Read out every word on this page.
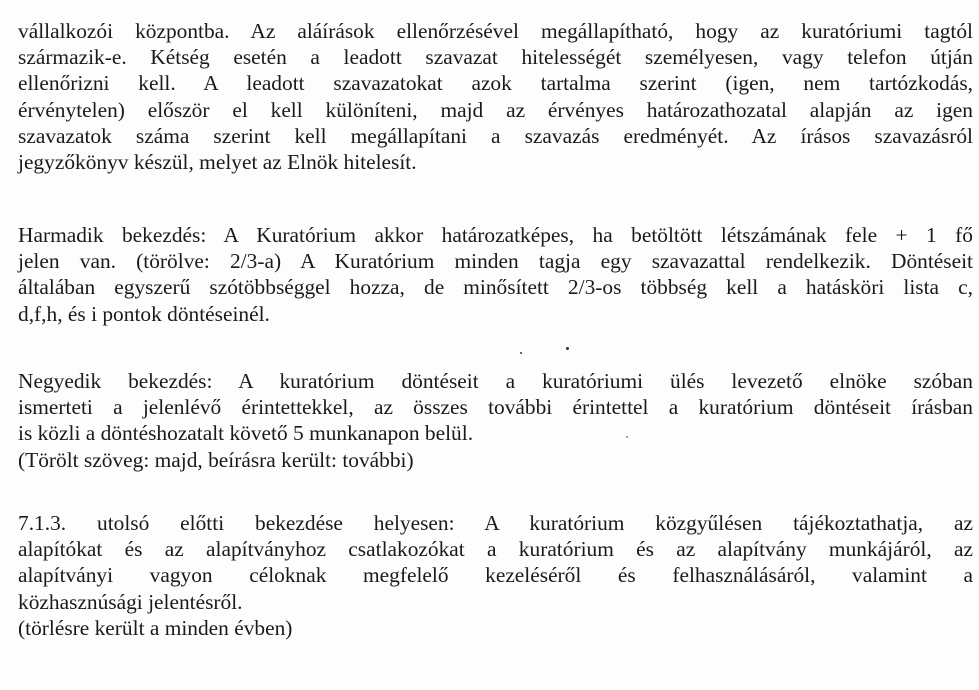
vállalkozói központba. Az aláírások ellenőrzésével megállapítható, hogy az kuratóriumi tagtól
származik-e. Kétség esetén a leadott szavazat hitelességét személyesen, vagy telefon útján
ellenőrizni kell. A leadott szavazatokat azok tartalma szerint (igen, nem tartózkodás,
érvénytelen) először el kell különíteni, majd az érvényes határozathozatal alapján az igen
szavazatok száma szerint kell megállapítani a szavazás eredményét. Az írásos szavazásról
jegyzőkönyv készül, melyet az Elnök hitelesít.
Harmadik bekezdés: A Kuratórium akkor határozatképes, ha betöltött létszámának fele + 1 fő
jelen van. (törölve: 2/3-a) A Kuratórium minden tagja egy szavazattal rendelkezik. Döntéseit
általában egyszerű szótöbbséggel hozza, de minősített 2/3-os többség kell a hatásköri lista c,
d,f,h, és i pontok döntéseinél.
Negyedik bekezdés: A kuratórium döntéseit a kuratóriumi ülés levezető elnöke szóban
ismerteti a jelenlévő érintettekkel, az összes további érintettel a kuratórium döntéseit írásban
is közli a döntéshozatalt követő 5 munkanapon belül.
(Törölt szöveg: majd, beírásra került: további)
7.1.3. utolsó előtti bekezdése helyesen: A kuratórium közgyűlésen tájékoztathatja, az
alapítókat és az alapítványhoz csatlakozókat a kuratórium és az alapítvány munkájáról, az
alapítványi vagyon céloknak megfelelő kezeléséről és felhasználásáról, valamint a
közhasznúsági jelentésről.
(törlésre került a minden évben)
